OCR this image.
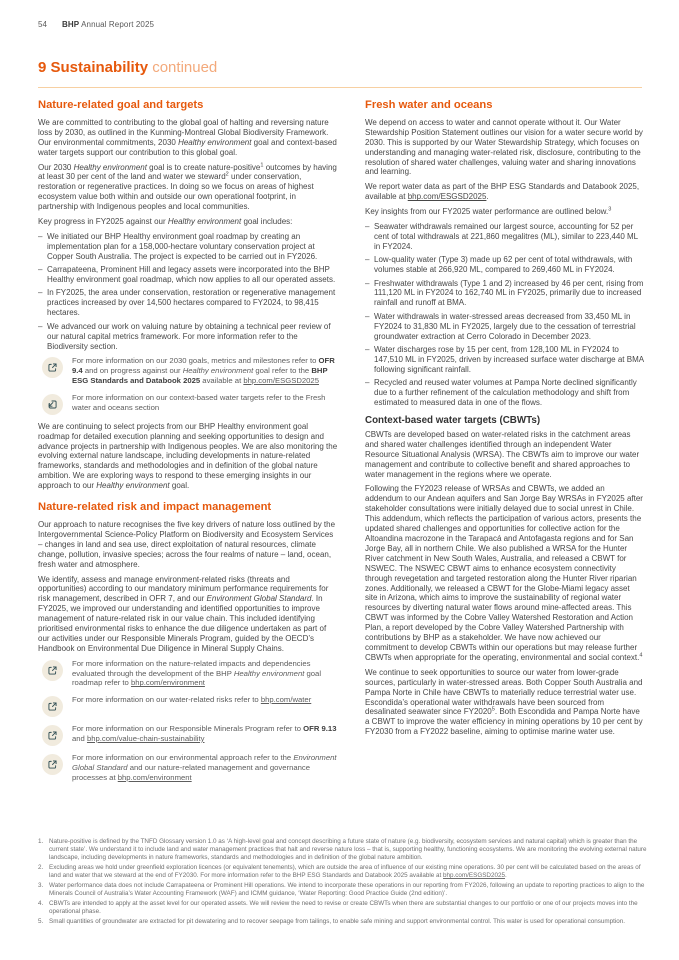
54 BHP Annual Report 2025
9 Sustainability continued
Nature-related goal and targets
We are committed to contributing to the global goal of halting and reversing nature loss by 2030, as outlined in the Kunming-Montreal Global Biodiversity Framework. Our environmental commitments, 2030 Healthy environment goal and context-based water targets support our contribution to this global goal.
Our 2030 Healthy environment goal is to create nature-positive$^1$ outcomes by having at least 30 per cent of the land and water we steward$^2$ under conservation, restoration or regenerative practices. In doing so we focus on areas of highest ecosystem value both within and outside our own operational footprint, in partnership with Indigenous peoples and local communities.
Key progress in FY2025 against our Healthy environment goal includes:
– We initiated our BHP Healthy environment goal roadmap by creating an implementation plan for a 158,000-hectare voluntary conservation project at Copper South Australia. The project is expected to be carried out in FY2026.
– Carrapateena, Prominent Hill and legacy assets were incorporated into the BHP Healthy environment goal roadmap, which now applies to all our operated assets.
– In FY2025, the area under conservation, restoration or regenerative management practices increased by over 14,500 hectares compared to FY2024, to 98,415 hectares.
– We advanced our work on valuing nature by obtaining a technical peer review of our natural capital metrics framework. For more information refer to the Biodiversity section.
For more information on our 2030 goals, metrics and milestones refer to OFR 9.4 and on progress against our Healthy environment goal refer to the BHP ESG Standards and Databook 2025 available at bhp.com/ESGSD2025
For more information on our context-based water targets refer to the Fresh water and oceans section
We are continuing to select projects from our BHP Healthy environment goal roadmap for detailed execution planning and seeking opportunities to design and advance projects in partnership with Indigenous peoples. We are also monitoring the evolving external nature landscape, including developments in nature-related frameworks, standards and methodologies and in definition of the global nature ambition. We are exploring ways to respond to these emerging insights in our approach to our Healthy environment goal.
Nature-related risk and impact management
Our approach to nature recognises the five key drivers of nature loss outlined by the Intergovernmental Science-Policy Platform on Biodiversity and Ecosystem Services – changes in land and sea use, direct exploitation of natural resources, climate change, pollution, invasive species; across the four realms of nature – land, ocean, fresh water and atmosphere.
We identify, assess and manage environment-related risks (threats and opportunities) according to our mandatory minimum performance requirements for risk management, described in OFR 7, and our Environment Global Standard. In FY2025, we improved our understanding and identified opportunities to improve management of nature-related risk in our value chain. This included identifying prioritised environmental risks to enhance the due diligence undertaken as part of our activities under our Responsible Minerals Program, guided by the OECD’s Handbook on Environmental Due Diligence in Mineral Supply Chains.
For more information on the nature-related impacts and dependencies evaluated through the development of the BHP Healthy environment goal roadmap refer to bhp.com/environment
For more information on our water-related risks refer to bhp.com/water
For more information on our Responsible Minerals Program refer to OFR 9.13 and bhp.com/value-chain-sustainability
For more information on our environmental approach refer to the Environment Global Standard and our nature-related management and governance processes at bhp.com/environment
Fresh water and oceans
We depend on access to water and cannot operate without it. Our Water Stewardship Position Statement outlines our vision for a water secure world by 2030. This is supported by our Water Stewardship Strategy, which focuses on understanding and managing water-related risk, disclosure, contributing to the resolution of shared water challenges, valuing water and sharing innovations and learning.
We report water data as part of the BHP ESG Standards and Databook 2025, available at bhp.com/ESGSD2025.
Key insights from our FY2025 water performance are outlined below.$^3$
– Seawater withdrawals remained our largest source, accounting for 52 per cent of total withdrawals at 221,860 megalitres (ML), similar to 223,440 ML in FY2024.
– Low-quality water (Type 3) made up 62 per cent of total withdrawals, with volumes stable at 266,920 ML, compared to 269,460 ML in FY2024.
– Freshwater withdrawals (Type 1 and 2) increased by 46 per cent, rising from 111,120 ML in FY2024 to 162,740 ML in FY2025, primarily due to increased rainfall and runoff at BMA.
– Water withdrawals in water-stressed areas decreased from 33,450 ML in FY2024 to 31,830 ML in FY2025, largely due to the cessation of terrestrial groundwater extraction at Cerro Colorado in December 2023.
– Water discharges rose by 15 per cent, from 128,100 ML in FY2024 to 147,510 ML in FY2025, driven by increased surface water discharge at BMA following significant rainfall.
– Recycled and reused water volumes at Pampa Norte declined significantly due to a further refinement of the calculation methodology and shift from estimated to measured data in one of the flows.
Context-based water targets (CBWTs)
CBWTs are developed based on water-related risks in the catchment areas and shared water challenges identified through an independent Water Resource Situational Analysis (WRSA). The CBWTs aim to improve our water management and contribute to collective benefit and shared approaches to water management in the regions where we operate.
Following the FY2023 release of WRSAs and CBWTs, we added an addendum to our Andean aquifers and San Jorge Bay WRSAs in FY2025 after stakeholder consultations were initially delayed due to social unrest in Chile. This addendum, which reflects the participation of various actors, presents the updated shared challenges and opportunities for collective action for the Altoandina macrozone in the Tarapacá and Antofagasta regions and for San Jorge Bay, all in northern Chile. We also published a WRSA for the Hunter River catchment in New South Wales, Australia, and released a CBWT for NSWEC. The NSWEC CBWT aims to enhance ecosystem connectivity through revegetation and targeted restoration along the Hunter River riparian zones. Additionally, we released a CBWT for the Globe-Miami legacy asset site in Arizona, which aims to improve the sustainability of regional water resources by diverting natural water flows around mine-affected areas. This CBWT was informed by the Cobre Valley Watershed Restoration and Action Plan, a report developed by the Cobre Valley Watershed Partnership with contributions by BHP as a stakeholder. We have now achieved our commitment to develop CBWTs within our operations but may release further CBWTs when appropriate for the operating, environmental and social context.$^4$
We continue to seek opportunities to source our water from lower-grade sources, particularly in water-stressed areas. Both Copper South Australia and Pampa Norte in Chile have CBWTs to materially reduce terrestrial water use. Escondida’s operational water withdrawals have been sourced from desalinated seawater since FY2020$^5$. Both Escondida and Pampa Norte have a CBWT to improve the water efficiency in mining operations by 10 per cent by FY2030 from a FY2022 baseline, aiming to optimise marine water use.
1. Nature-positive is defined by the TNFD Glossary version 1.0 as ‘A high-level goal and concept describing a future state of nature (e.g. biodiversity, ecosystem services and natural capital) which is greater than the current state’. We understand it to include land and water management practices that halt and reverse nature loss – that is, supporting healthy, functioning ecosystems. We are monitoring the evolving external nature landscape, including developments in nature frameworks, standards and methodologies and in definition of the global nature ambition.
2. Excluding areas we hold under greenfield exploration licences (or equivalent tenements), which are outside the area of influence of our existing mine operations. 30 per cent will be calculated based on the areas of land and water that we steward at the end of FY2030. For more information refer to the BHP ESG Standards and Databook 2025 available at bhp.com/ESGSD2025.
3. Water performance data does not include Carrapateena or Prominent Hill operations. We intend to incorporate these operations in our reporting from FY2026, following an update to reporting practices to align to the Minerals Council of Australia’s Water Accounting Framework (WAF) and ICMM guidance, ‘Water Reporting: Good Practice Guide (2nd edition)’.
4. CBWTs are intended to apply at the asset level for our operated assets. We will review the need to revise or create CBWTs when there are substantial changes to our portfolio or one of our projects moves into the operational phase.
5. Small quantities of groundwater are extracted for pit dewatering and to recover seepage from tailings, to enable safe mining and support environmental control. This water is used for operational consumption.
